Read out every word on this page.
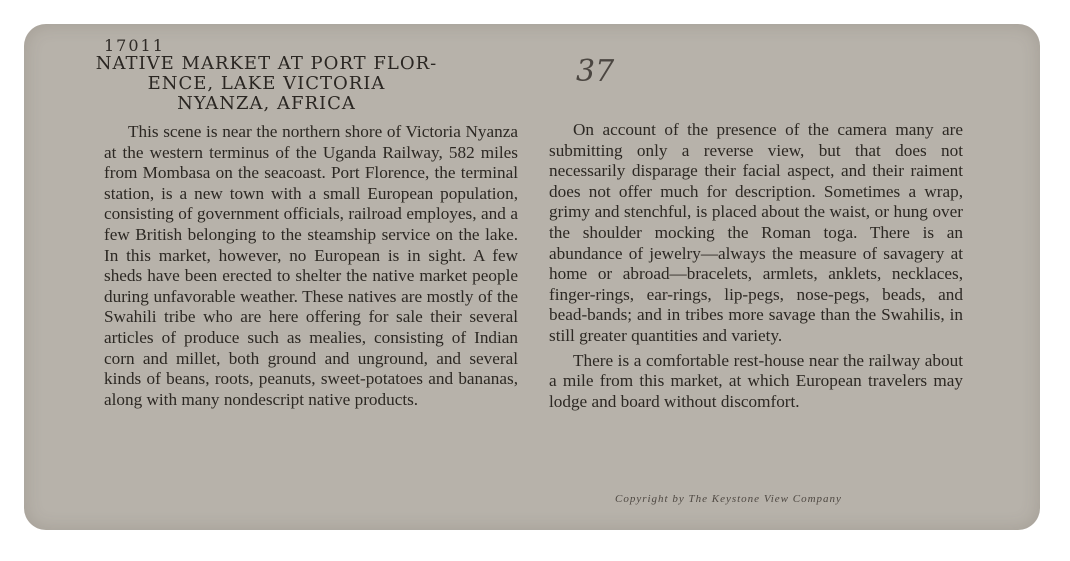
17011
NATIVE MARKET AT PORT FLOR-
ENCE, LAKE VICTORIA
NYANZA, AFRICA
37

This scene is near the northern shore of Victoria Nyanza at the western terminus of the Uganda Railway, 582 miles from Mombasa on the seacoast. Port Florence, the terminal station, is a new town with a small European population, consisting of government officials, railroad employes, and a few British belonging to the steamship service on the lake. In this market, however, no European is in sight. A few sheds have been erected to shelter the native market people during unfavorable weather. These natives are mostly of the Swahili tribe who are here offering for sale their several articles of produce such as mealies, consisting of Indian corn and millet, both ground and unground, and several kinds of beans, roots, peanuts, sweet-potatoes and bananas, along with many nondescript native products.

On account of the presence of the camera many are submitting only a reverse view, but that does not necessarily disparage their facial aspect, and their raiment does not offer much for description. Sometimes a wrap, grimy and stenchful, is placed about the waist, or hung over the shoulder mocking the Roman toga. There is an abundance of jewelry—always the measure of savagery at home or abroad—bracelets, armlets, anklets, necklaces, finger-rings, ear-rings, lip-pegs, nose-pegs, beads, and bead-bands; and in tribes more savage than the Swahilis, in still greater quantities and variety.

There is a comfortable rest-house near the railway about a mile from this market, at which European travelers may lodge and board without discomfort.

Copyright by The Keystone View Company
